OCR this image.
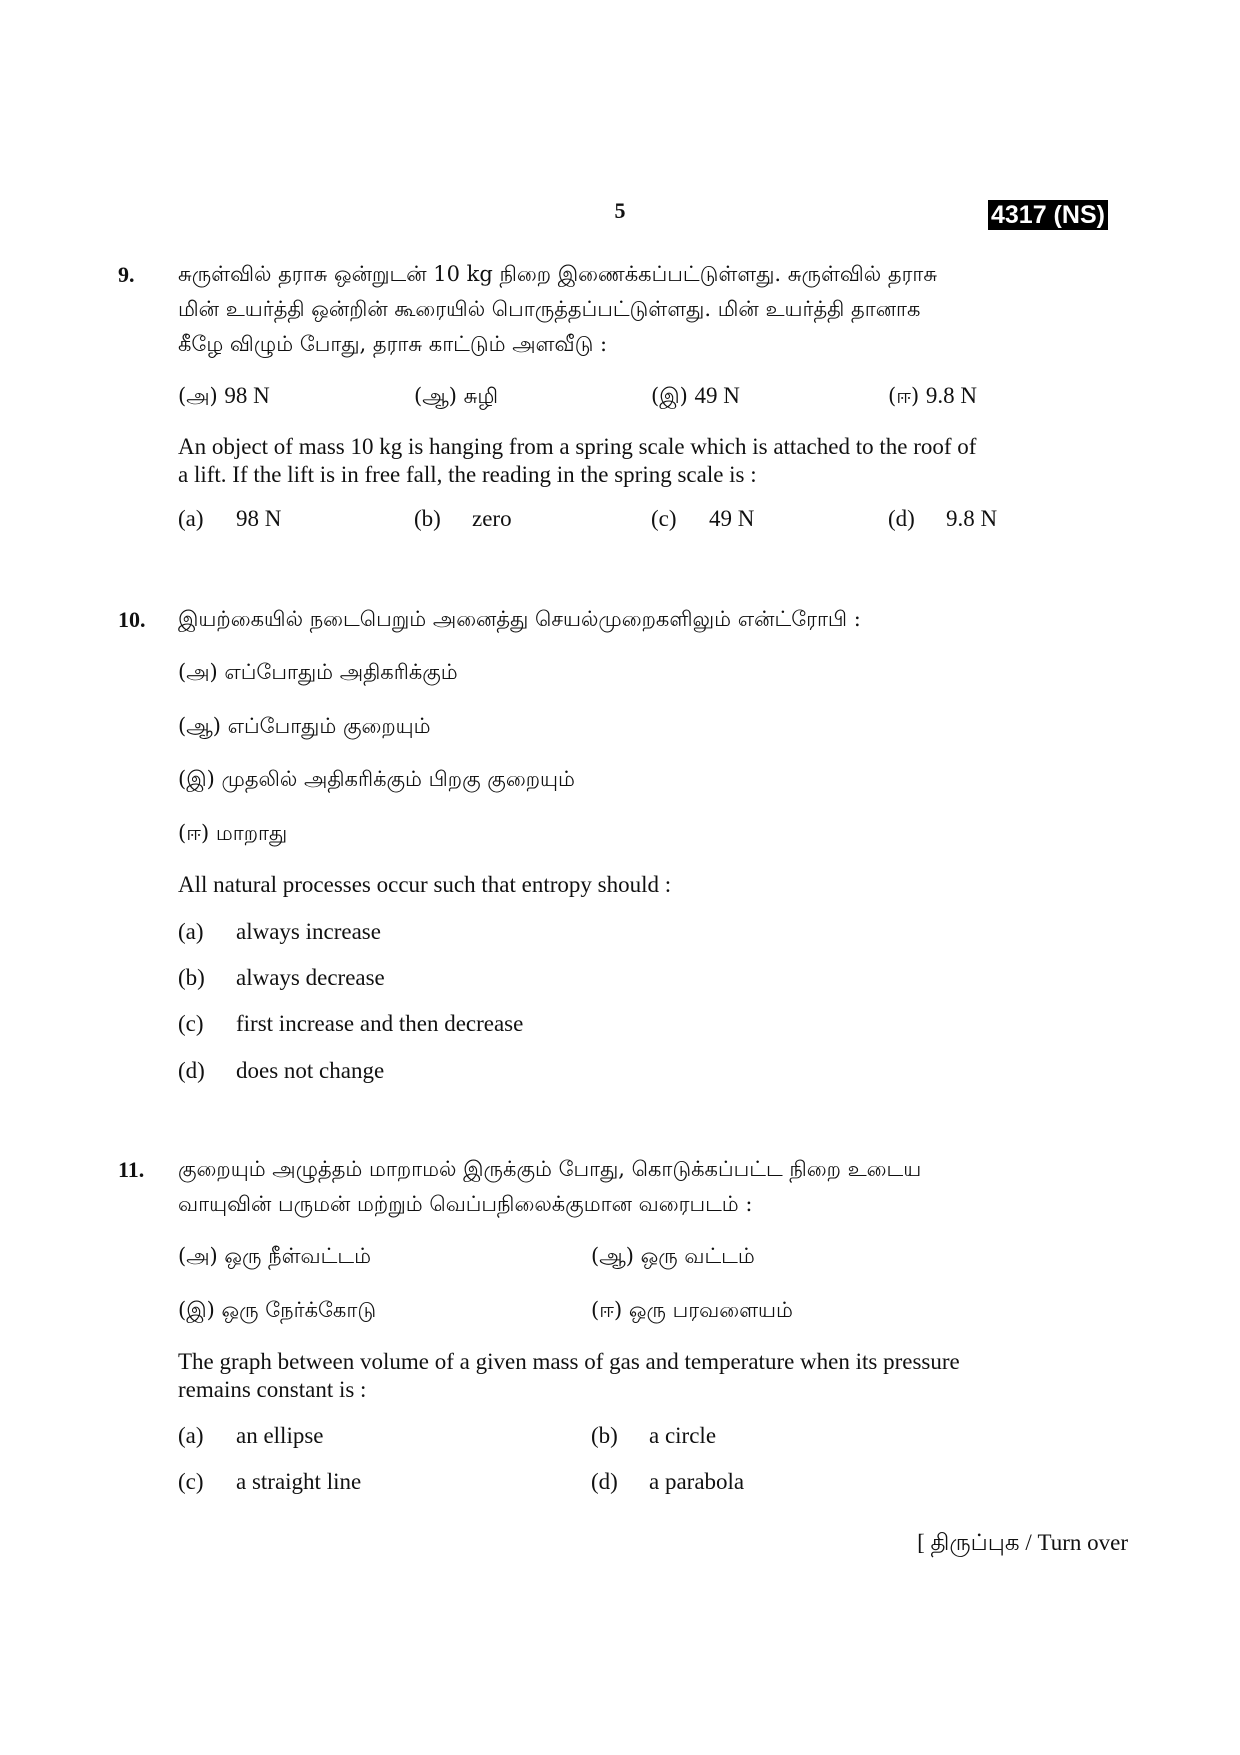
5	4317 (NS)
9.	சுருள்வில் தராசு ஒன்றுடன் 10 kg நிறை இணைக்கப்பட்டுள்ளது. சுருள்வில் தராசு
மின் உயர்த்தி ஒன்றின் கூரையில் பொருத்தப்பட்டுள்ளது. மின் உயர்த்தி தானாக
கீழே விழும் போது, தராசு காட்டும் அளவீடு :
(அ) 98 N	(ஆ) சுழி	(இ) 49 N	(ஈ) 9.8 N
An object of mass 10 kg is hanging from a spring scale which is attached to the roof of
a lift. If the lift is in free fall, the reading in the spring scale is :
(a) 98 N	(b) zero	(c) 49 N	(d) 9.8 N
10.	இயற்கையில் நடைபெறும் அனைத்து செயல்முறைகளிலும் என்ட்ரோபி :
(அ) எப்போதும் அதிகரிக்கும்
(ஆ) எப்போதும் குறையும்
(இ) முதலில் அதிகரிக்கும் பிறகு குறையும்
(ஈ) மாறாது
All natural processes occur such that entropy should :
(a) always increase
(b) always decrease
(c) first increase and then decrease
(d) does not change
11.	குறையும் அழுத்தம் மாறாமல் இருக்கும் போது, கொடுக்கப்பட்ட நிறை உடைய
வாயுவின் பருமன் மற்றும் வெப்பநிலைக்குமான வரைபடம் :
(அ) ஒரு நீள்வட்டம்	(ஆ) ஒரு வட்டம்
(இ) ஒரு நேர்க்கோடு	(ஈ) ஒரு பரவளையம்
The graph between volume of a given mass of gas and temperature when its pressure
remains constant is :
(a) an ellipse	(b) a circle
(c) a straight line	(d) a parabola
[ திருப்புக / Turn over
